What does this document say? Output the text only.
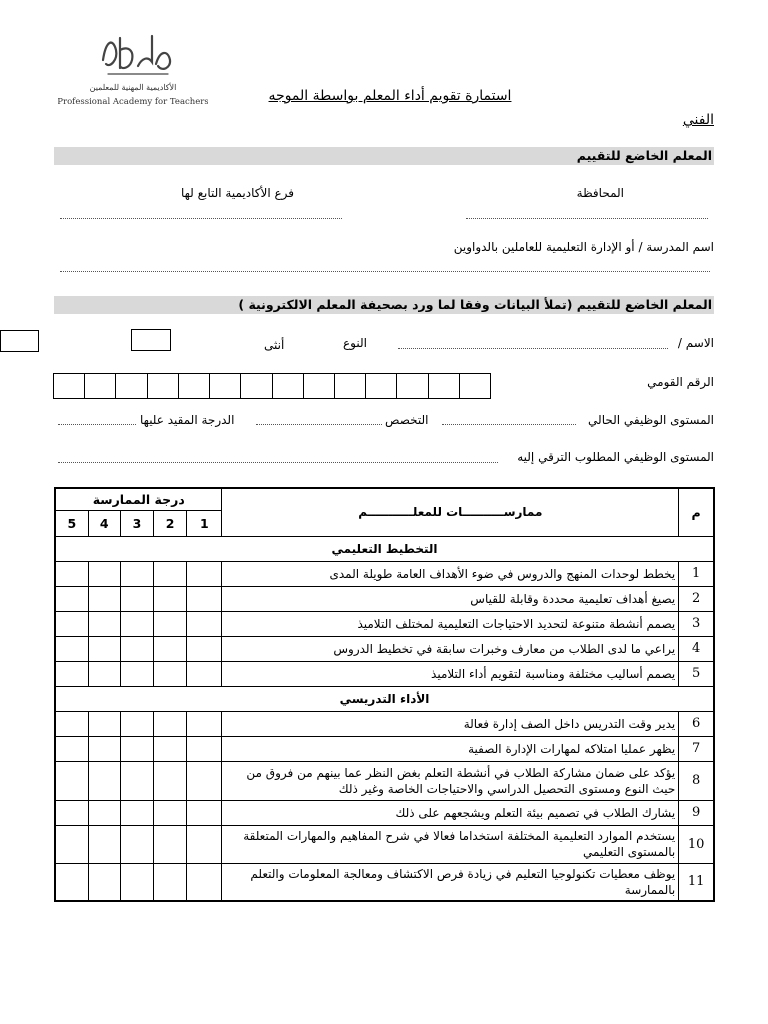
الأكاديمية المهنية للمعلمين
Professional Academy for Teachers	استمارة تقويم أداء المعلم بواسطة الموجه
الفني
المعلم الخاضع للتقييم
المحافظة
فرع الأكاديمية التابع لها
اسم المدرسة / أو الإدارة التعليمية للعاملين بالدواوين
المعلم الخاضع للتقييم (تملأ البيانات وفقا لما ورد بصحيفة المعلم الالكترونية )
الاسم /
النوع
أنثى
الرقم القومي
المستوى الوظيفي الحالي
التخصص
الدرجة المقيد عليها
المستوى الوظيفي المطلوب الترقي إليه
درجة الممارسة					ممارســــــــــات للمعلـــــــــــم	م
5	4	3	2	1		
التخطيط التعليمي						
					يخطط لوحدات المنهج والدروس في ضوء الأهداف العامة طويلة المدى	1
					يصيغ أهداف تعليمية محددة وقابلة للقياس	2
					يصمم أنشطة متنوعة لتحديد الاحتياجات التعليمية لمختلف التلاميذ	3
					يراعي ما لدى الطلاب من معارف وخبرات سابقة في تخطيط الدروس	4
					يصمم أساليب مختلفة ومناسبة لتقويم أداء التلاميذ	5
الأداء التدريسي						
					يدير وقت التدريس داخل الصف إدارة فعالة	6
					يظهر عمليا امتلاكه لمهارات الإدارة الصفية	7
					يؤكد على ضمان مشاركة الطلاب في أنشطة التعلم بغض النظر عما بينهم من فروق من حيث النوع ومستوى التحصيل الدراسي والاحتياجات الخاصة وغير ذلك	8
					يشارك الطلاب في تصميم بيئة التعلم ويشجعهم على ذلك	9
					يستخدم الموارد التعليمية المختلفة استخداما فعالا في شرح المفاهيم والمهارات المتعلقة بالمستوى التعليمي	10
					يوظف معطيات تكنولوجيا التعليم في زيادة فرص الاكتشاف ومعالجة المعلومات والتعلم بالممارسة	11
